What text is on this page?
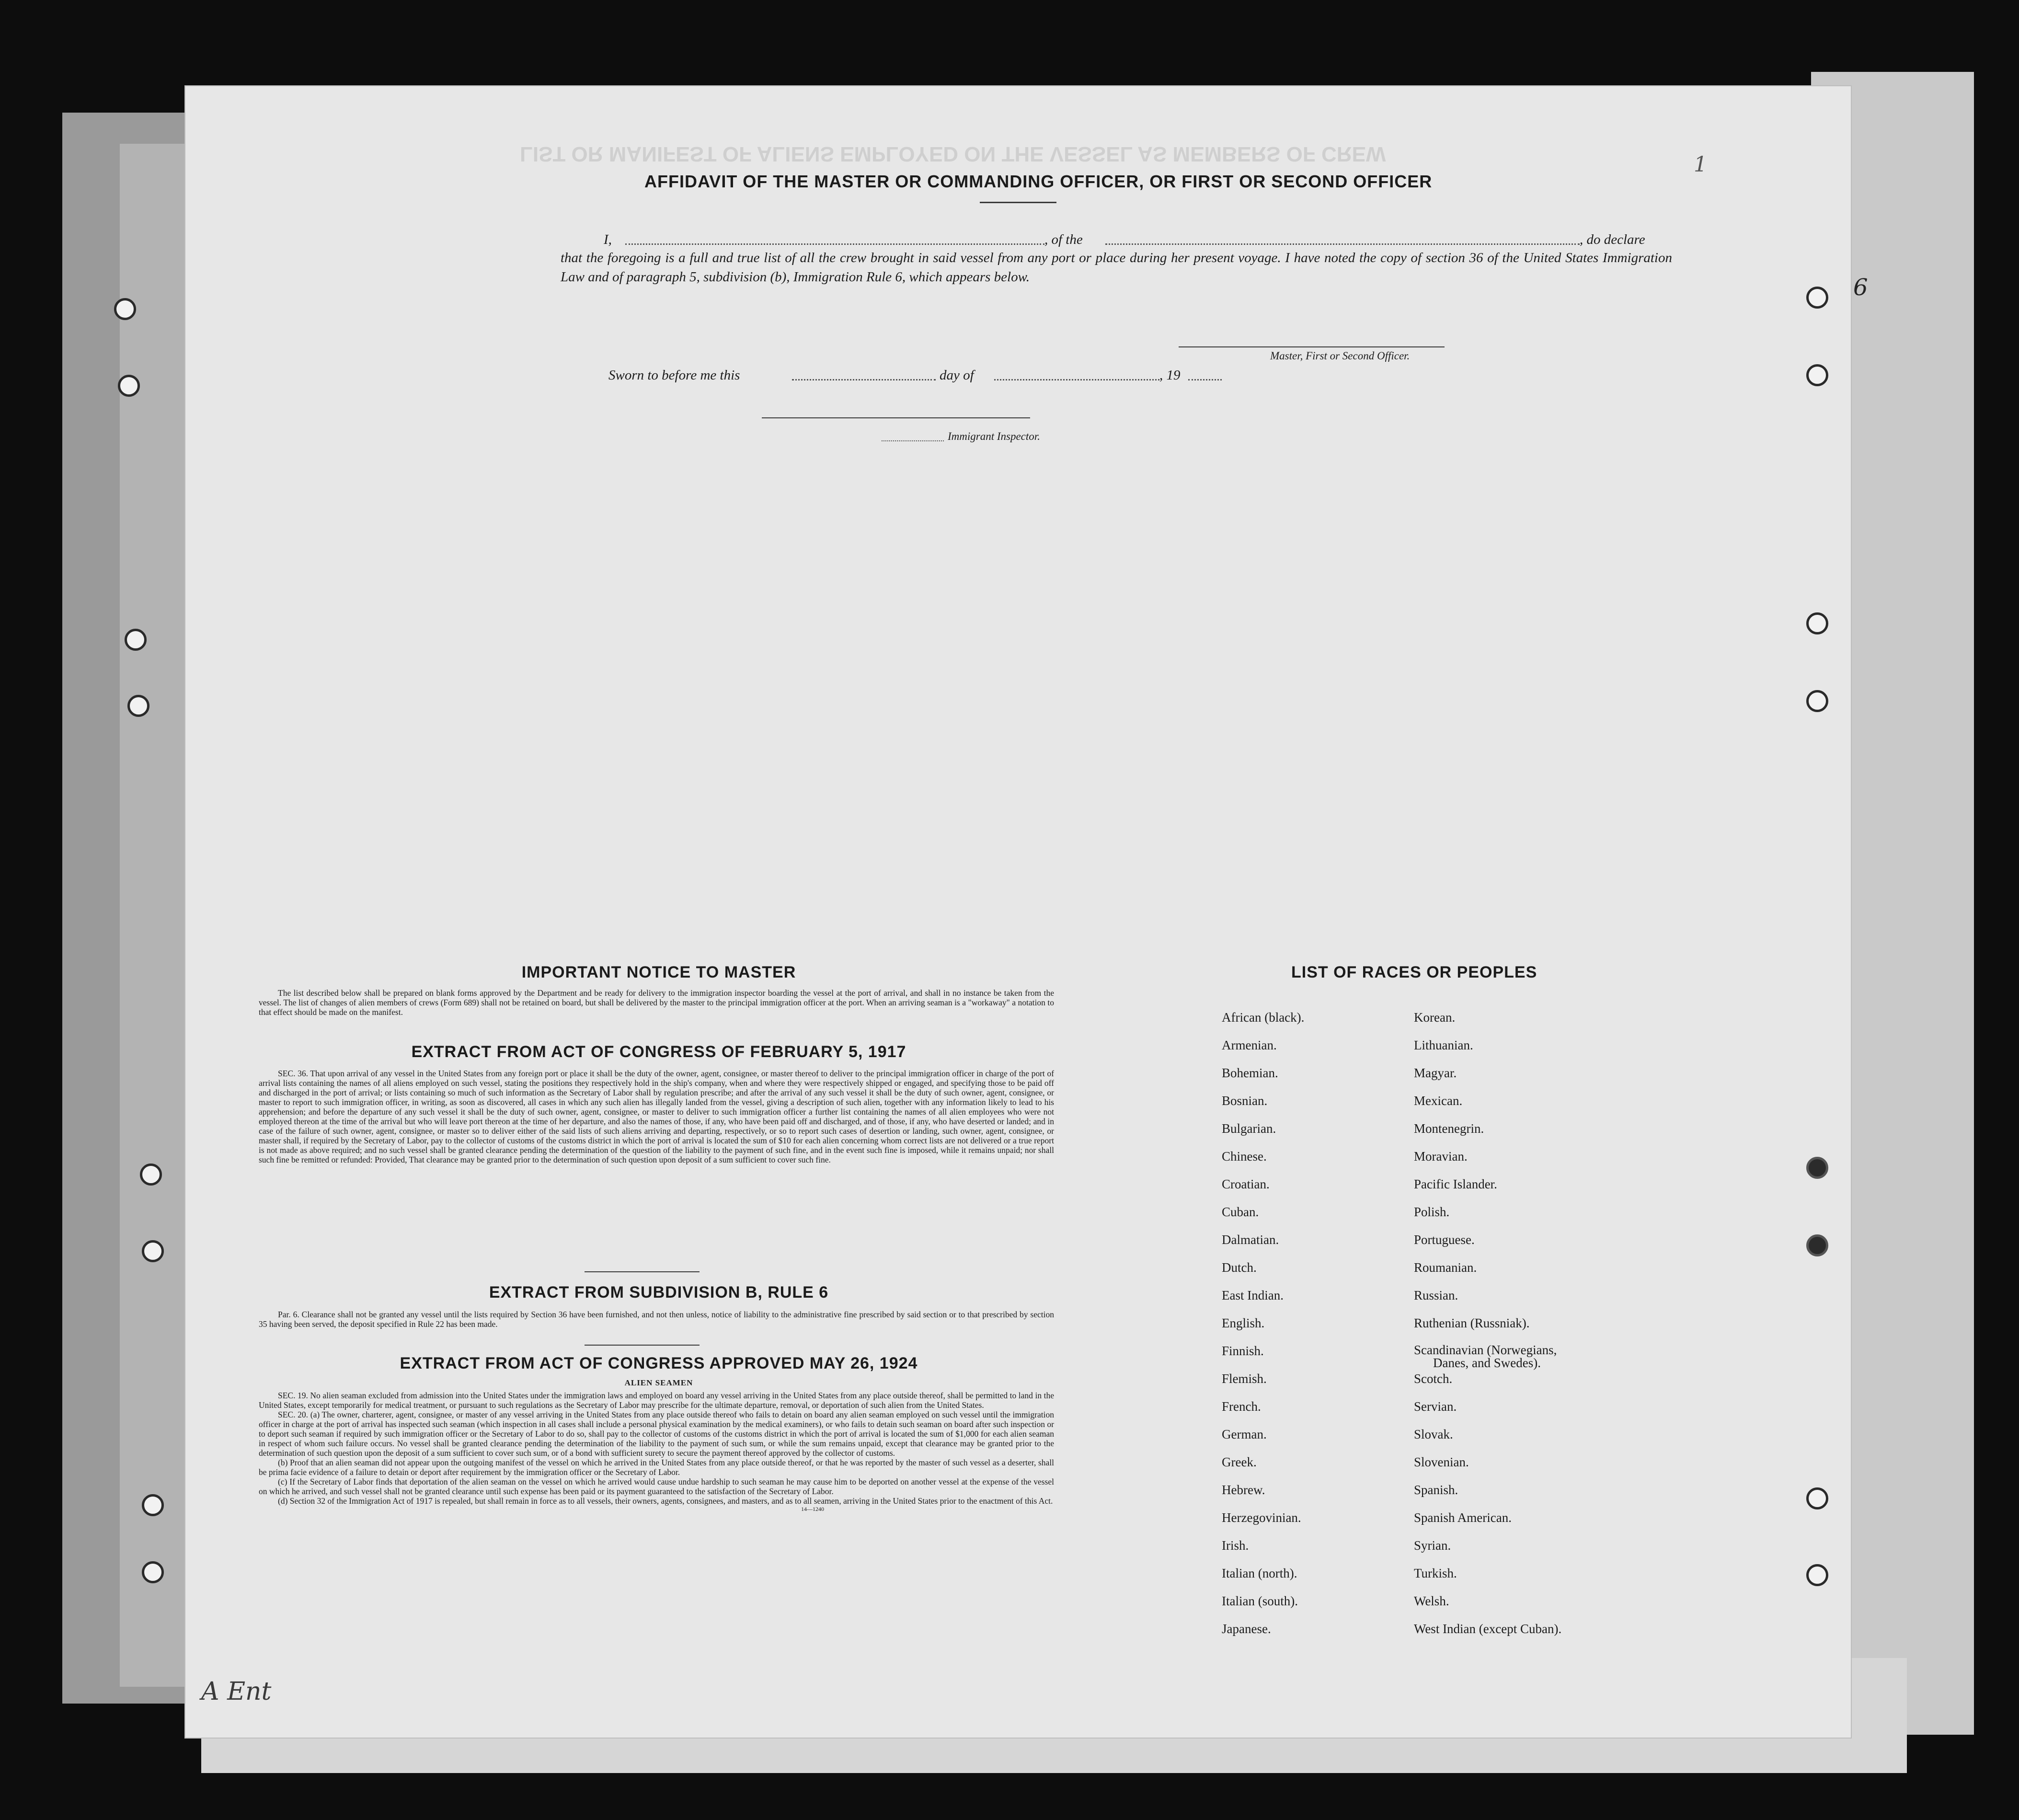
LIST OR MANIFEST OF ALIENS EMPLOYED ON THE VESSEL AS MEMBERS OF CREW
AFFIDAVIT OF THE MASTER OR COMMANDING OFFICER, OR FIRST OR SECOND OFFICER
I,	, of the	, do declare
that the foregoing is a full and true list of all the crew brought in said vessel from any port or place during her present voyage. I have noted the copy of section 36 of the United States Immigration Law and of paragraph 5, subdivision (b), Immigration Rule 6, which appears below.
Master, First or Second Officer.
Sworn to before me this	day of	, 19
Immigrant Inspector.
1
IMPORTANT NOTICE TO MASTER
The list described below shall be prepared on blank forms approved by the Department and be ready for delivery to the immigration inspector boarding the vessel at the port of arrival, and shall in no instance be taken from the vessel. The list of changes of alien members of crews (Form 689) shall not be retained on board, but shall be delivered by the master to the principal immigration officer at the port. When an arriving seaman is a "workaway" a notation to that effect should be made on the manifest.
EXTRACT FROM ACT OF CONGRESS OF FEBRUARY 5, 1917
SEC. 36. That upon arrival of any vessel in the United States from any foreign port or place it shall be the duty of the owner, agent, consignee, or master thereof to deliver to the principal immigration officer in charge of the port of arrival lists containing the names of all aliens employed on such vessel, stating the positions they respectively hold in the ship's company, when and where they were respectively shipped or engaged, and specifying those to be paid off and discharged in the port of arrival; or lists containing so much of such information as the Secretary of Labor shall by regulation prescribe; and after the arrival of any such vessel it shall be the duty of such owner, agent, consignee, or master to report to such immigration officer, in writing, as soon as discovered, all cases in which any such alien has illegally landed from the vessel, giving a description of such alien, together with any information likely to lead to his apprehension; and before the departure of any such vessel it shall be the duty of such owner, agent, consignee, or master to deliver to such immigration officer a further list containing the names of all alien employees who were not employed thereon at the time of the arrival but who will leave port thereon at the time of her departure, and also the names of those, if any, who have been paid off and discharged, and of those, if any, who have deserted or landed; and in case of the failure of such owner, agent, consignee, or master so to deliver either of the said lists of such aliens arriving and departing, respectively, or so to report such cases of desertion or landing, such owner, agent, consignee, or master shall, if required by the Secretary of Labor, pay to the collector of customs of the customs district in which the port of arrival is located the sum of $10 for each alien concerning whom correct lists are not delivered or a true report is not made as above required; and no such vessel shall be granted clearance pending the determination of the question of the liability to the payment of such fine, and in the event such fine is imposed, while it remains unpaid; nor shall such fine be remitted or refunded: Provided, That clearance may be granted prior to the determination of such question upon deposit of a sum sufficient to cover such fine.
EXTRACT FROM SUBDIVISION B, RULE 6
Par. 6. Clearance shall not be granted any vessel until the lists required by Section 36 have been furnished, and not then unless, notice of liability to the administrative fine prescribed by said section or to that prescribed by section 35 having been served, the deposit specified in Rule 22 has been made.
EXTRACT FROM ACT OF CONGRESS APPROVED MAY 26, 1924
ALIEN SEAMEN
SEC. 19. No alien seaman excluded from admission into the United States under the immigration laws and employed on board any vessel arriving in the United States from any place outside thereof, shall be permitted to land in the United States, except temporarily for medical treatment, or pursuant to such regulations as the Secretary of Labor may prescribe for the ultimate departure, removal, or deportation of such alien from the United States.
SEC. 20. (a) The owner, charterer, agent, consignee, or master of any vessel arriving in the United States from any place outside thereof who fails to detain on board any alien seaman employed on such vessel until the immigration officer in charge at the port of arrival has inspected such seaman (which inspection in all cases shall include a personal physical examination by the medical examiners), or who fails to detain such seaman on board after such inspection or to deport such seaman if required by such immigration officer or the Secretary of Labor to do so, shall pay to the collector of customs of the customs district in which the port of arrival is located the sum of $1,000 for each alien seaman in respect of whom such failure occurs. No vessel shall be granted clearance pending the determination of the liability to the payment of such sum, or while the sum remains unpaid, except that clearance may be granted prior to the determination of such question upon the deposit of a sum sufficient to cover such sum, or of a bond with sufficient surety to secure the payment thereof approved by the collector of customs.
(b) Proof that an alien seaman did not appear upon the outgoing manifest of the vessel on which he arrived in the United States from any place outside thereof, or that he was reported by the master of such vessel as a deserter, shall be prima facie evidence of a failure to detain or deport after requirement by the immigration officer or the Secretary of Labor.
(c) If the Secretary of Labor finds that deportation of the alien seaman on the vessel on which he arrived would cause undue hardship to such seaman he may cause him to be deported on another vessel at the expense of the vessel on which he arrived, and such vessel shall not be granted clearance until such expense has been paid or its payment guaranteed to the satisfaction of the Secretary of Labor.
(d) Section 32 of the Immigration Act of 1917 is repealed, but shall remain in force as to all vessels, their owners, agents, consignees, and masters, and as to all seamen, arriving in the United States prior to the enactment of this Act.
14—1240
LIST OF RACES OR PEOPLES
African (black).
Armenian.
Bohemian.
Bosnian.
Bulgarian.
Chinese.
Croatian.
Cuban.
Dalmatian.
Dutch.
East Indian.
English.
Finnish.
Flemish.
French.
German.
Greek.
Hebrew.
Herzegovinian.
Irish.
Italian (north).
Italian (south).
Japanese.
Korean.
Lithuanian.
Magyar.
Mexican.
Montenegrin.
Moravian.
Pacific Islander.
Polish.
Portuguese.
Roumanian.
Russian.
Ruthenian (Russniak).
Scandinavian (Norwegians,
Danes, and Swedes).
Scotch.
Servian.
Slovak.
Slovenian.
Spanish.
Spanish American.
Syrian.
Turkish.
Welsh.
West Indian (except Cuban).
6
A Ent
